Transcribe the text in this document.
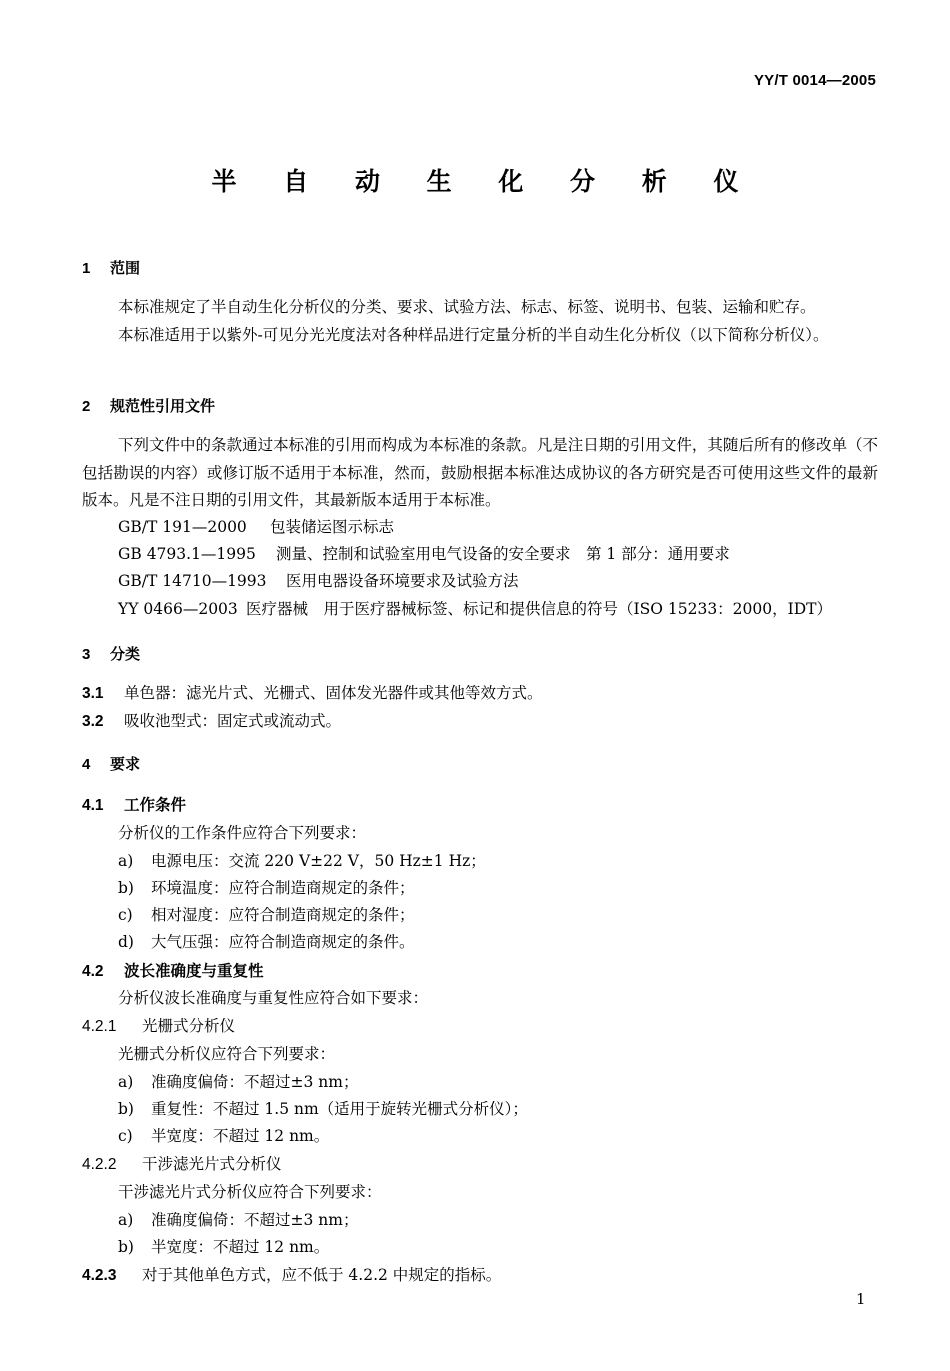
YY/T 0014—2005
半 自 动 生 化 分 析 仪
1 范围
本标准规定了半自动生化分析仪的分类、要求、试验方法、标志、标签、说明书、包装、运输和贮存。
本标准适用于以紫外-可见分光光度法对各种样品进行定量分析的半自动生化分析仪（以下简称分析仪）。
2 规范性引用文件
下列文件中的条款通过本标准的引用而构成为本标准的条款。凡是注日期的引用文件，其随后所有的修改单（不包括勘误的内容）或修订版不适用于本标准，然而，鼓励根据本标准达成协议的各方研究是否可使用这些文件的最新版本。凡是不注日期的引用文件，其最新版本适用于本标准。
GB/T 191—2000 包装储运图示标志
GB 4793.1—1995 测量、控制和试验室用电气设备的安全要求　第 1 部分：通用要求
GB/T 14710—1993 医用电器设备环境要求及试验方法
YY 0466—2003 医疗器械　用于医疗器械标签、标记和提供信息的符号（ISO 15233：2000，IDT）
3 分类
3.1 单色器：滤光片式、光栅式、固体发光器件或其他等效方式。
3.2 吸收池型式：固定式或流动式。
4 要求
4.1 工作条件
分析仪的工作条件应符合下列要求：
a) 电源电压：交流 220 V±22 V，50 Hz±1 Hz；
b) 环境温度：应符合制造商规定的条件；
c) 相对湿度：应符合制造商规定的条件；
d) 大气压强：应符合制造商规定的条件。
4.2 波长准确度与重复性
分析仪波长准确度与重复性应符合如下要求：
4.2.1 光栅式分析仪
光栅式分析仪应符合下列要求：
a) 准确度偏倚：不超过±3 nm；
b) 重复性：不超过 1.5 nm（适用于旋转光栅式分析仪）；
c) 半宽度：不超过 12 nm。
4.2.2 干涉滤光片式分析仪
干涉滤光片式分析仪应符合下列要求：
a) 准确度偏倚：不超过±3 nm；
b) 半宽度：不超过 12 nm。
4.2.3 对于其他单色方式，应不低于 4.2.2 中规定的指标。
1
